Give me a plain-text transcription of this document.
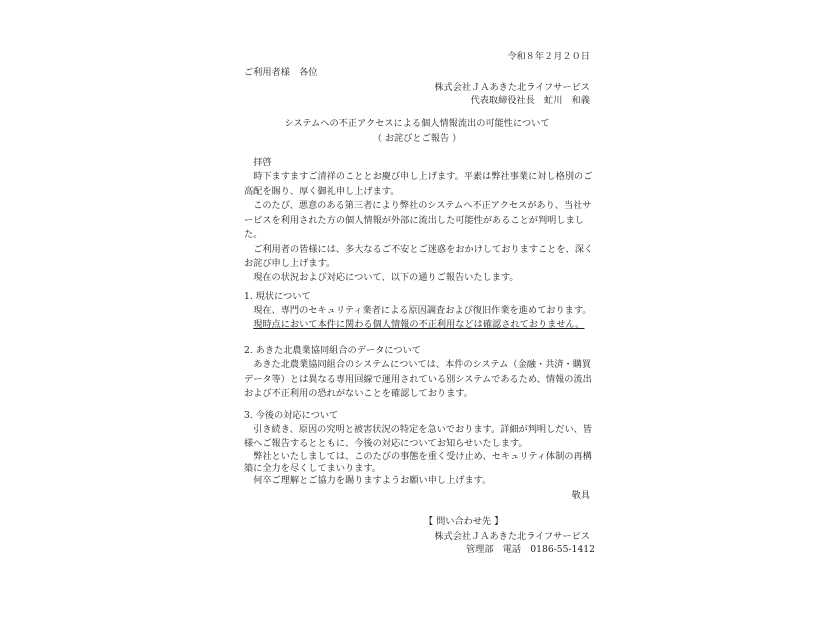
令和８年２月２０日
ご利用者様　各位
株式会社ＪＡあきた北ライフサービス
代表取締役社長　虻川　和義
システムへの不正アクセスによる個人情報流出の可能性について
（ お詫びとご報告 ）
拝啓
時下ますますご清祥のこととお慶び申し上げます。平素は弊社事業に対し格別のご
高配を賜り、厚く御礼申し上げます。
このたび、悪意のある第三者により弊社のシステムへ不正アクセスがあり、当社サ
ービスを利用された方の個人情報が外部に流出した可能性があることが判明しまし
た。
ご利用者の皆様には、多大なるご不安とご迷惑をおかけしておりますことを、深く
お詫び申し上げます。
現在の状況および対応について、以下の通りご報告いたします。
1. 現状について
現在、専門のセキュリティ業者による原因調査および復旧作業を進めております。
現時点において本件に関わる個人情報の不正利用などは確認されておりません。
2. あきた北農業協同組合のデータについて
あきた北農業協同組合のシステムについては、本件のシステム（金融・共済・購買
データ等）とは異なる専用回線で運用されている別システムであるため、情報の流出
および不正利用の恐れがないことを確認しております。
3. 今後の対応について
引き続き、原因の究明と被害状況の特定を急いでおります。詳細が判明しだい、皆
様へご報告するとともに、今後の対応についてお知らせいたします。
弊社といたしましては、このたびの事態を重く受け止め、セキュリティ体制の再構
築に全力を尽くしてまいります。
何卒ご理解とご協力を賜りますようお願い申し上げます。
敬具
【 問い合わせ先 】
株式会社ＪＡあきた北ライフサービス
管理部　電話　0186-55-1412
